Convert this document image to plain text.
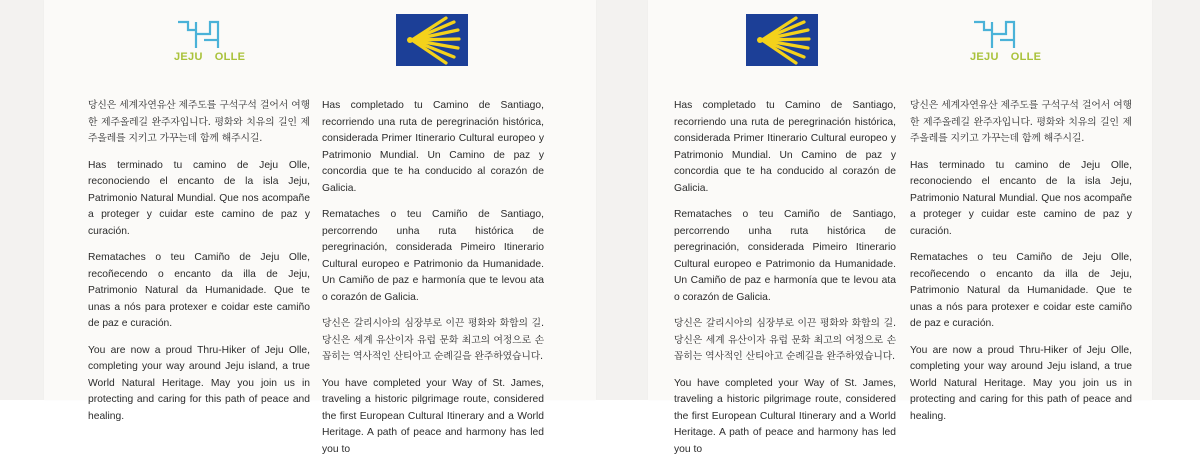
JEJU OLLE

당신은 세계자연유산 제주도를 구석구석 걸어서 여행한 제주올레길 완주자입니다. 평화와 치유의 길인 제주올레를 지키고 가꾸는데 함께 해주시길.

Has terminado tu camino de Jeju Olle, reconociendo el encanto de la isla Jeju, Patrimonio Natural Mundial. Que nos acompañe a proteger y cuidar este camino de paz y curación.

Remataches o teu Camiño de Jeju Olle, recoñecendo o encanto da illa de Jeju, Patrimonio Natural da Humanidade. Que te unas a nós para protexer e coidar este camiño de paz e curación.

You are now a proud Thru-Hiker of Jeju Olle, completing your way around Jeju island, a true World Natural Heritage. May you join us in protecting and caring for this path of peace and healing.

Has completado tu Camino de Santiago, recorriendo una ruta de peregrinación histórica, considerada Primer Itinerario Cultural europeo y Patrimonio Mundial. Un Camino de paz y concordia que te ha conducido al corazón de Galicia.

Remataches o teu Camiño de Santiago, percorrendo unha ruta histórica de peregrinación, considerada Pimeiro Itinerario Cultural europeo e Patrimonio da Humanidade. Un Camiño de paz e harmonía que te levou ata o corazón de Galicia.

당신은 갈리시아의 심장부로 이끈 평화와 화합의 길. 당신은 세계 유산이자 유럽 문화 최고의 여정으로 손꼽히는 역사적인 산티아고 순례길을 완주하였습니다.

You have completed your Way of St. James, traveling a historic pilgrimage route, considered the first European Cultural Itinerary and a World Heritage. A path of peace and harmony has led you to

JEJU OLLE

Has completado tu Camino de Santiago, recorriendo una ruta de peregrinación histórica, considerada Primer Itinerario Cultural europeo y Patrimonio Mundial. Un Camino de paz y concordia que te ha conducido al corazón de Galicia.

Remataches o teu Camiño de Santiago, percorrendo unha ruta histórica de peregrinación, considerada Pimeiro Itinerario Cultural europeo e Patrimonio da Humanidade. Un Camiño de paz e harmonía que te levou ata o corazón de Galicia.

당신은 갈리시아의 심장부로 이끈 평화와 화합의 길. 당신은 세계 유산이자 유럽 문화 최고의 여정으로 손꼽히는 역사적인 산티아고 순례길을 완주하였습니다.

You have completed your Way of St. James, traveling a historic pilgrimage route, considered the first European Cultural Itinerary and a World Heritage. A path of peace and harmony has led you to

당신은 세계자연유산 제주도를 구석구석 걸어서 여행한 제주올레길 완주자입니다. 평화와 치유의 길인 제주올레를 지키고 가꾸는데 함께 해주시길.

Has terminado tu camino de Jeju Olle, reconociendo el encanto de la isla Jeju, Patrimonio Natural Mundial. Que nos acompañe a proteger y cuidar este camino de paz y curación.

Remataches o teu Camiño de Jeju Olle, recoñecendo o encanto da illa de Jeju, Patrimonio Natural da Humanidade. Que te unas a nós para protexer e coidar este camiño de paz e curación.

You are now a proud Thru-Hiker of Jeju Olle, completing your way around Jeju island, a true World Natural Heritage. May you join us in protecting and caring for this path of peace and healing.
